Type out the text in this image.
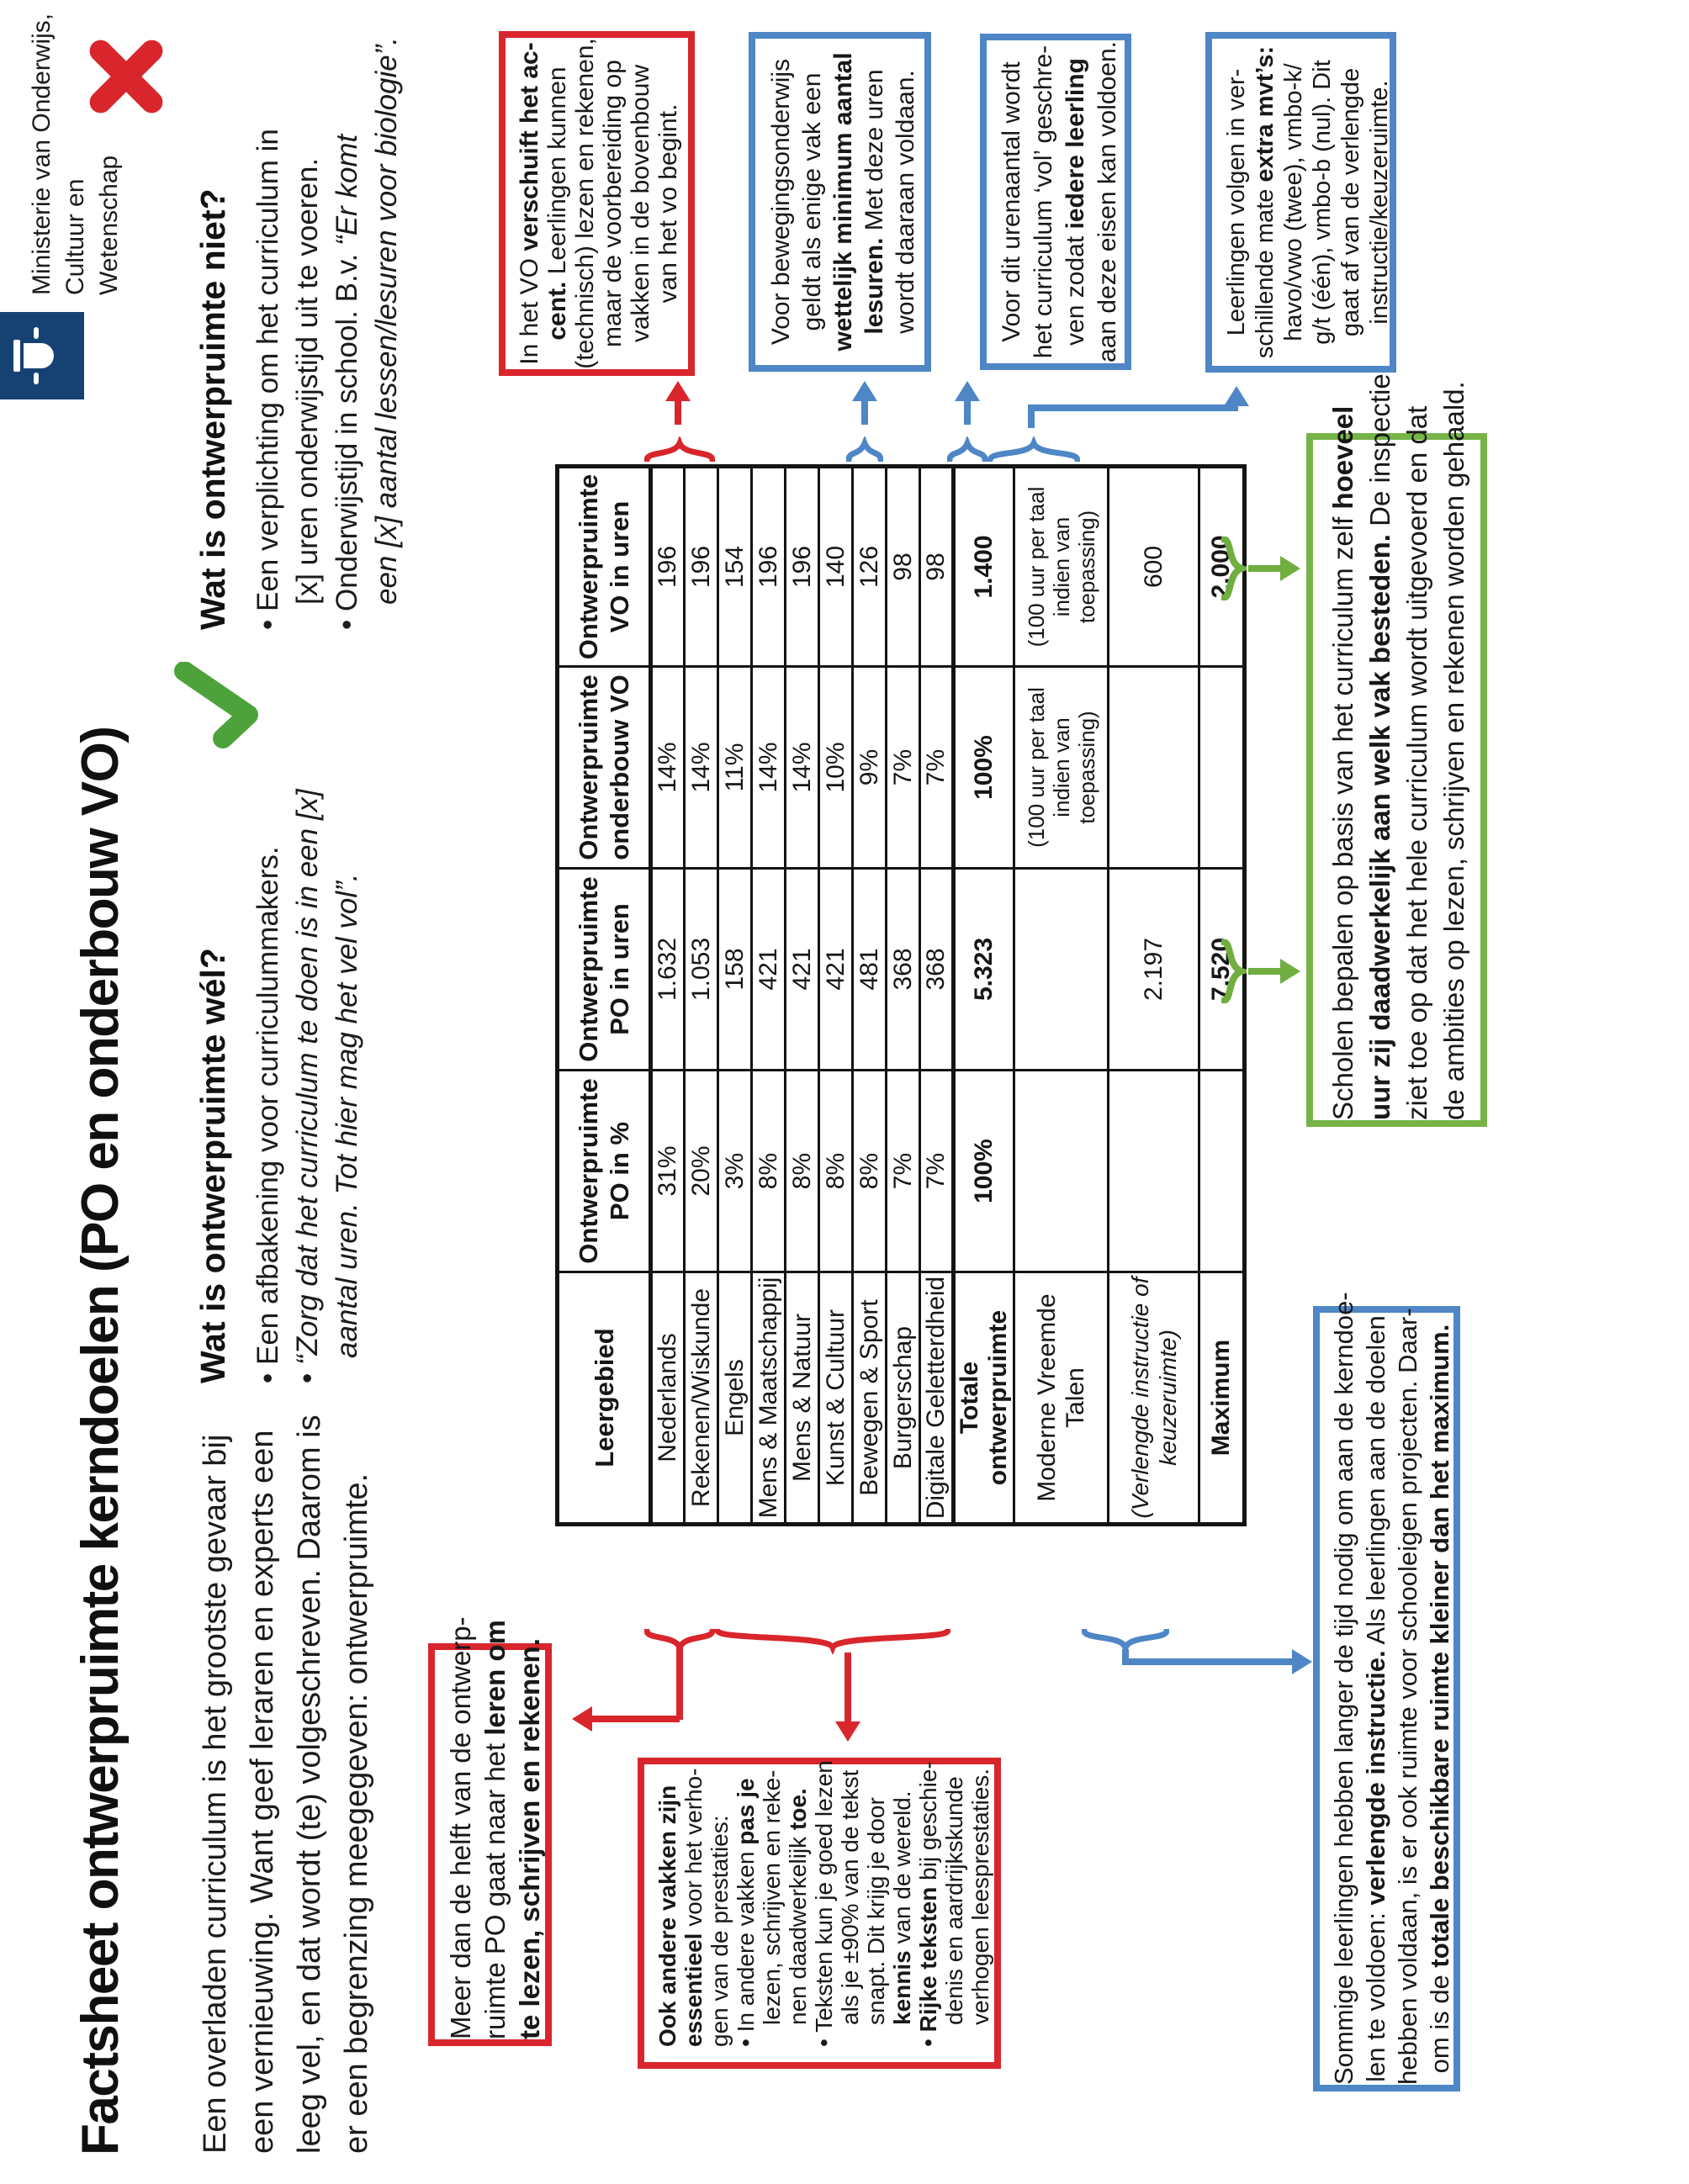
Factsheet ontwerpruimte kerndoelen (PO en onderbouw VO)
Ministerie van Onderwijs, Cultuur en Wetenschap
Een overladen curriculum is het grootste gevaar bij een vernieuwing. Want geef leraren en experts een leeg vel, en dat wordt (te) volgeschreven. Daarom is er een begrenzing meegegeven: ontwerpruimte.
Wat is ontwerpruimte wél? • Een afbakening voor curriculummakers. • “Zorg dat het curriculum te doen is in een [x] aantal uren. Tot hier mag het vel vol”.
Wat is ontwerpruimte niet? • Een verplichting om het curriculum in [x] uren onderwijstijd uit te voeren. • Onderwijstijd in school. B.v. “Er komt een [x] aantal lessen/lesuren voor biologie”.
Leergebied	Ontwerpruimte PO in %	Ontwerpruimte PO in uren	Ontwerpruimte onderbouw VO	Ontwerpruimte VO in uren
Nederlands	31%	1.632	14%	196
Rekenen/Wiskunde	20%	1.053	14%	196
Engels	3%	158	11%	154
Mens & Maatschappij	8%	421	14%	196
Mens & Natuur	8%	421	14%	196
Kunst & Cultuur	8%	421	10%	140
Bewegen & Sport	8%	481	9%	126
Burgerschap	7%	368	7%	98
Digitale Geletterdheid	7%	368	7%	98
Totale ontwerpruimte	100%	5.323	100%	1.400
Moderne Vreemde Talen			(100 uur per taal indien van toepassing)	(100 uur per taal indien van toepassing)

(Verlengde instructie of keuzeruimte)		2.197		600
Maximum		7.520		2.000
In het VO verschuift het ac-
cent. Leerlingen kunnen (technisch) lezen en rekenen, maar de voorbereiding op vakken in de bovenbouw van het vo begint.	Voor bewegingsonderwijs geldt als enige vak een wettelijk minimum aantal lesuren. Met deze uren wordt daaraan voldaan.	Voor dit urenaantal wordt het curriculum ‘vol’ geschre- ven zodat iedere leerling aan deze eisen kan voldoen.	Leerlingen volgen in ver- schillende mate extra mvt’s: havo/vwo (twee), vmbo-k/ g/t (één), vmbo-b (nul). Dit gaat af van de verlengde instructie/keuzeruimte.
Meer dan de helft van de ontwerp- ruimte PO gaat naar het leren om te lezen, schrijven en rekenen.	Ook andere vakken zijn essentieel voor het verho- gen van de prestaties: • In andere vakken pas je lezen, schrijven en reke- nen daadwerkelijk toe. • Teksten kun je goed lezen als je ±90% van de tekst snapt. Dit krijg je door kennis van de wereld.
• Rijke teksten bij geschie- denis en aardrijkskunde verhogen leesprestaties.
Scholen bepalen op basis van het curriculum zelf hoeveel
uur zij daadwerkelijk aan welk vak besteden. De inspectie ziet toe op dat het hele curriculum wordt uitgevoerd en dat de ambities op lezen, schrijven en rekenen worden gehaald.
Sommige leerlingen hebben langer de tijd nodig om aan de kerndoe- len te voldoen: verlengde instructie. Als leerlingen aan de doelen hebben voldaan, is er ook ruimte voor schooleigen projecten. Daar- om is de totale beschikbare ruimte kleiner dan het maximum.
